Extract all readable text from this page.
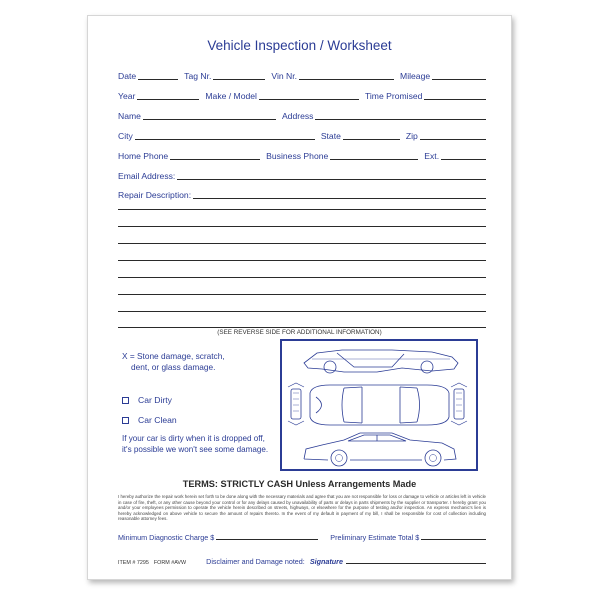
Vehicle Inspection / Worksheet
Date	Tag Nr.	Vin Nr.	Mileage
Year	Make / Model	Time Promised
Name	Address
City	State	Zip
Home Phone	Business Phone	Ext.
Email Address:
Repair Description:
(SEE REVERSE SIDE FOR ADDITIONAL INFORMATION)
X = Stone damage, scratch,
dent, or glass damage.
Car Dirty
Car Clean
If your car is dirty when it is dropped off,
it's possible we won't see some damage.
TERMS: STRICTLY CASH Unless Arrangements Made
I hereby authorize the repair work herein set forth to be done along with the necessary materials and agree that you are not responsible for loss or damage to vehicle or articles left in vehicle in case of fire, theft, or any other cause beyond your control or for any delays caused by unavailability of parts or delays in parts shipments by the supplier or transporter. I hereby grant you and/or your employees permission to operate the vehicle herein described on streets, highways, or elsewhere for the purpose of testing and/or inspection. An express mechanic's lien is hereby acknowledged on above vehicle to secure the amount of repairs thereto. In the event of my default in payment of my bill, I shall be responsible for cost of collection including reasonable attorney fees.
Minimum Diagnostic Charge $	Preliminary Estimate Total $
ITEM # 7295 FORM #AVW	Disclaimer and Damage noted: Signature
